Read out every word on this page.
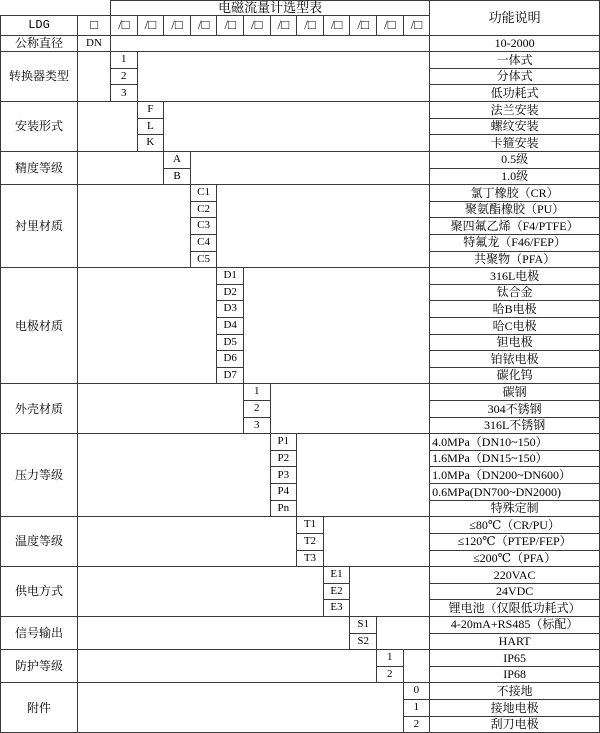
		电磁流量计选型表												功能说明
LDG	□	/□	/□	/□	/□	/□	/□	/□	/□	/□	/□	/□	/□	
公称直径	DN													10-2000
转换器类型		1												一体式
		2												分体式
		3												低功耗式
安装形式			F											法兰安装
			L											螺纹安装
			K											卡箍安装
精度等级				A										0.5级
				B										1.0级
衬里材质					C1									氯丁橡胶（CR）
					C2									聚氨酯橡胶（PU）
					C3									聚四氟乙烯（F4/PTFE）
					C4									特氟龙（F46/FEP）
					C5									共聚物（PFA）
电极材质						D1								316L电极
						D2								钛合金
						D3								哈B电极
						D4								哈C电极
						D5								钽电极
						D6								铂铱电极
						D7								碳化钨
外壳材质							1							碳钢
							2							304不锈钢
							3							316L不锈钢
压力等级								P1						4.0MPa（DN10~150）
								P2						1.6MPa（DN15~150）
								P3						1.0MPa（DN200~DN600）
								P4						0.6MPa(DN700~DN2000)
								Pn						特殊定制
温度等级									T1					≤80℃（CR/PU）
									T2					≤120℃（PTEP/FEP）
									T3					≤200℃（PFA）
供电方式										E1				220VAC
										E2				24VDC
										E3				锂电池（仅限低功耗式）
信号输出											S1			4-20mA+RS485（标配）
											S2			HART
防护等级												1		IP65
												2		IP68
附件													0	不接地
													1	接地电极
													2	刮刀电极
